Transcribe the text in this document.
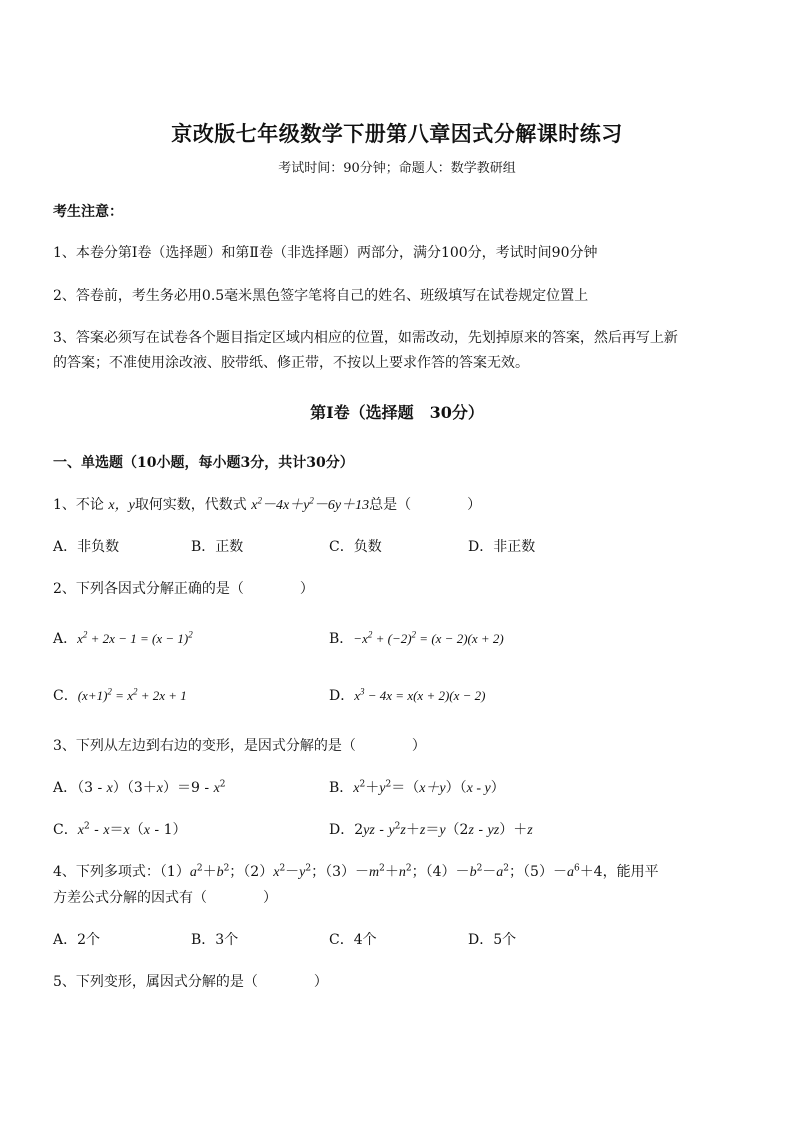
京改版七年级数学下册第八章因式分解课时练习
考试时间：90分钟；命题人：数学教研组
考生注意：
1、本卷分第Ⅰ卷（选择题）和第Ⅱ卷（非选择题）两部分，满分100分，考试时间90分钟
2、答卷前，考生务必用0.5毫米黑色签字笔将自己的姓名、班级填写在试卷规定位置上
3、答案必须写在试卷各个题目指定区域内相应的位置，如需改动，先划掉原来的答案，然后再写上新
的答案；不准使用涂改液、胶带纸、修正带，不按以上要求作答的答案无效。
第Ⅰ卷（选择题　30分）
一、单选题（10小题，每小题3分，共计30分）
1、不论 x，y取何实数，代数式 $x^2-4x+y^2-6y+13$总是（　　　　）
A．非负数	B．正数	C．负数	D．非正数
2、下列各因式分解正确的是（　　　　）
A．$x^2 + 2x - 1 = (x - 1)^2$	B．$-x^2 + (-2)^2 = (x - 2)(x + 2)$
C．$(x+1)^2 = x^2 + 2x + 1$	D．$x^3 - 4x = x(x + 2)(x - 2)$
3、下列从左边到右边的变形，是因式分解的是（　　　　）
A．$(3 - x)(3+x)=9 - x^2$	B．$x^2+y^2=(x+y)(x - y)$
C．$x^2 - x=x(x - 1)$	D．$2yz - y^2z+z=y(2z - yz)+z$
4、下列多项式：$(1)a^2+b^2$；$(2)x^2-y^2$；$(3)-m^2+n^2$；$(4)-b^2-a^2$；$(5)-a^6+4$，能用平
方差公式分解的因式有（　　　　）
A．2个	B．3个	C．4个	D．5个
5、下列变形，属因式分解的是（　　　　）
